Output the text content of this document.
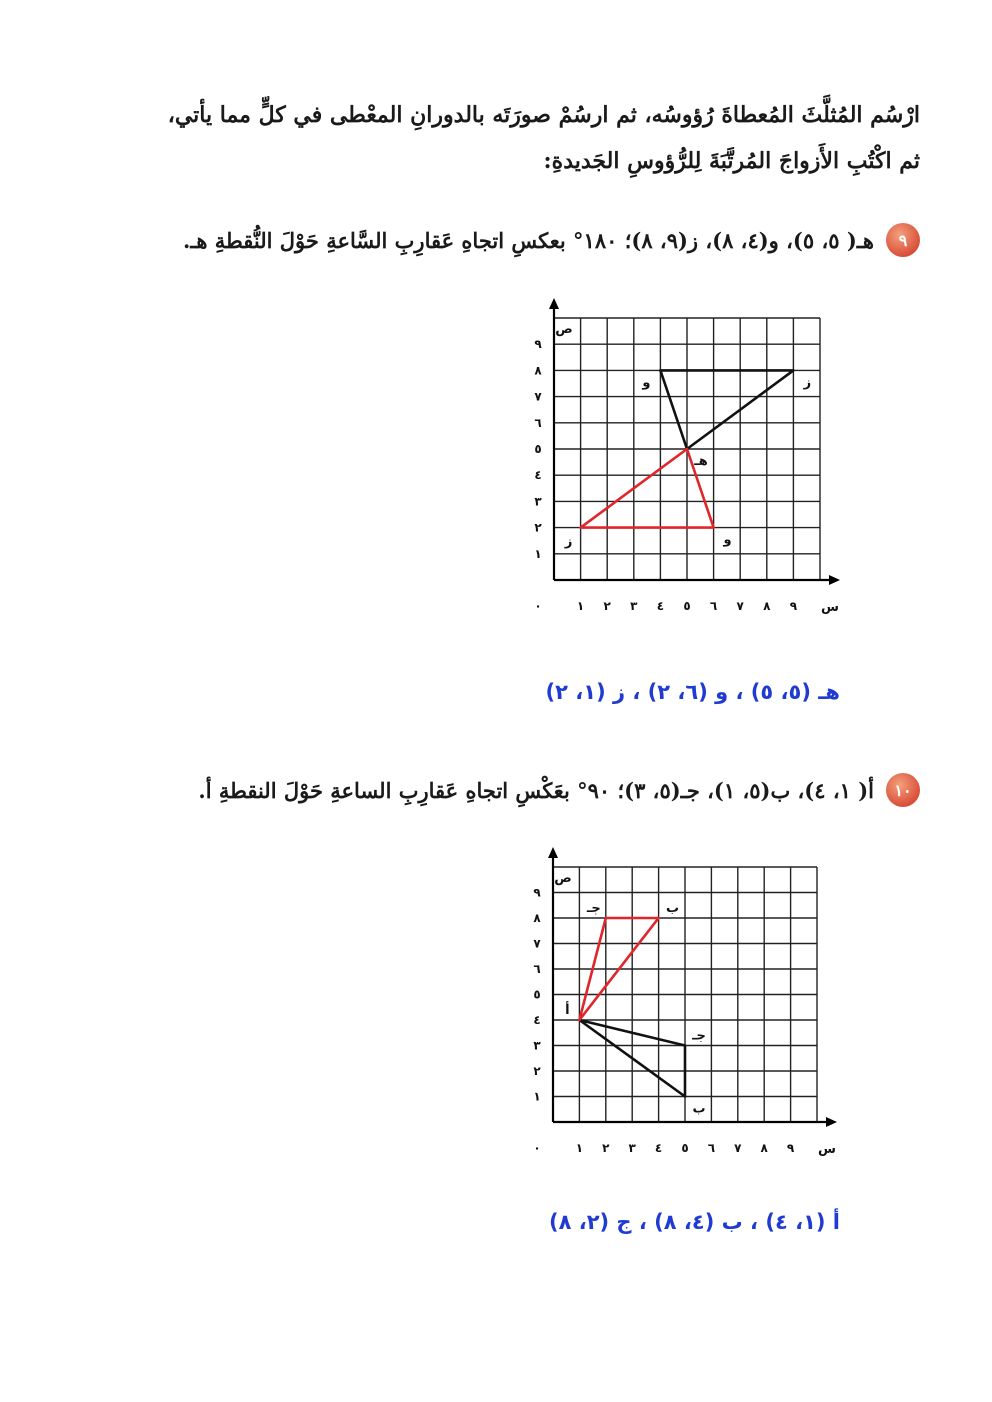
ارْسُم المُثلَّثَ المُعطاةَ رُؤوسُه، ثم ارسُمْ صورَتَه بالدورانِ المعْطى في كلٍّ مما يأتي،
ثم اكْتُبِ الأَزواجَ المُرتَّبَةَ لِلرُّؤوسِ الجَديدةِ:
٩
هـ( ٥، ٥)، و(٤، ٨)، ز(٩، ٨)؛ ١٨٠° بعكسِ اتجاهِ عَقارِبِ السَّاعةِ حَوْلَ النُّقطةِ هـ.
١ ٢ ٣ ٤ ٥ ٦ ٧ ٨ ٩
١
٢
٣
٤
٥
٦
٧
٨
٩
٠	س
ص
و	ز
هـ
و
ز
هـ (٥، ٥) ، و (٦، ٢) ، ز (١، ٢)
١٠
أ( ١، ٤)، ب(٥، ١)، جـ(٥، ٣)؛ ٩٠° بعَكْسِ اتجاهِ عَقارِبِ الساعةِ حَوْلَ النقطةِ أ.
١ ٢ ٣ ٤ ٥ ٦ ٧ ٨ ٩
١
٢
٣
٤
٥
٦
٧
٨
٩
٠	س
ص
أ
جـ
ب
جـ	ب
أ (١، ٤) ، ب (٤، ٨) ، ج (٢، ٨)
